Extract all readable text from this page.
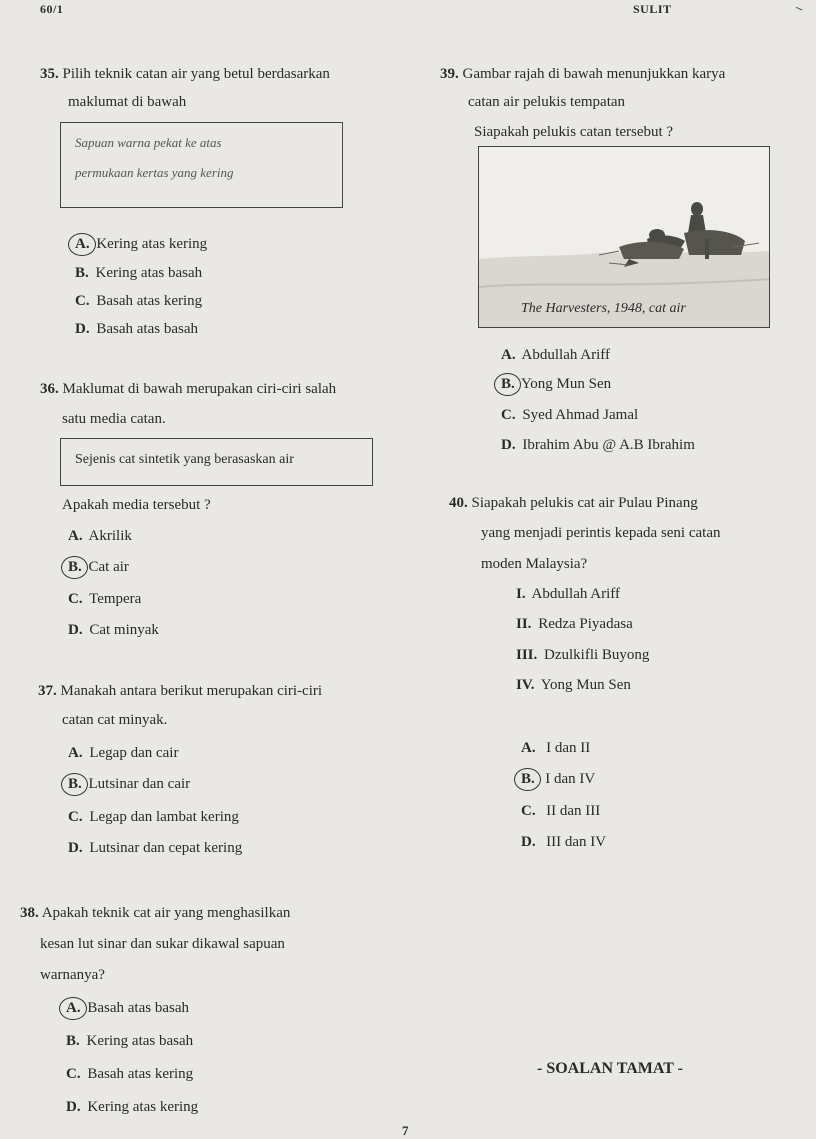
60/1	SULIT
35. Pilih teknik catan air yang betul berdasarkan
maklumat di bawah
Sapuan warna pekat ke atas
permukaan kertas yang kering
A. Kering atas kering
B. Kering atas basah
C. Basah atas kering
D. Basah atas basah
36. Maklumat di bawah merupakan ciri-ciri salah
satu media catan.
Sejenis cat sintetik yang berasaskan air
Apakah media tersebut ?
A. Akrilik
B. Cat air
C. Tempera
D. Cat minyak
37. Manakah antara berikut merupakan ciri-ciri
catan cat minyak.
A. Legap dan cair
B. Lutsinar dan cair
C. Legap dan lambat kering
D. Lutsinar dan cepat kering
38. Apakah teknik cat air yang menghasilkan
kesan lut sinar dan sukar dikawal sapuan
warnanya?
A. Basah atas basah
B. Kering atas basah
C. Basah atas kering
D. Kering atas kering
39. Gambar rajah di bawah menunjukkan karya
catan air pelukis tempatan
Siapakah pelukis catan tersebut ?
The Harvesters, 1948, cat air
A. Abdullah Ariff
B. Yong Mun Sen
C. Syed Ahmad Jamal
D. Ibrahim Abu @ A.B Ibrahim
40. Siapakah pelukis cat air Pulau Pinang
yang menjadi perintis kepada seni catan
moden Malaysia?
I. Abdullah Ariff
II. Redza Piyadasa
III. Dzulkifli Buyong
IV. Yong Mun Sen
A. I dan II
B. I dan IV
C. II dan III
D. III dan IV
- SOALAN TAMAT -
7
